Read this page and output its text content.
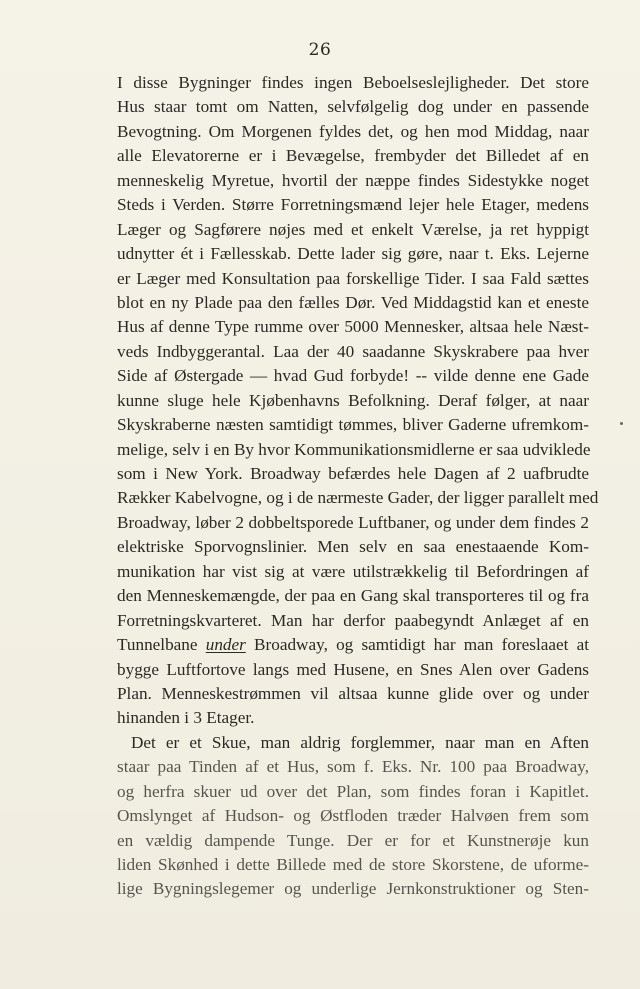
26
I disse Bygninger findes ingen Beboelseslejligheder. Det store
Hus staar tomt om Natten, selvfølgelig dog under en passende
Bevogtning. Om Morgenen fyldes det, og hen mod Middag, naar
alle Elevatorerne er i Bevægelse, frembyder det Billedet af en
menneskelig Myretue, hvortil der næppe findes Sidestykke noget
Steds i Verden. Større Forretningsmænd lejer hele Etager, medens
Læger og Sagførere nøjes med et enkelt Værelse, ja ret hyppigt
udnytter ét i Fællesskab. Dette lader sig gøre, naar t. Eks. Lejerne
er Læger med Konsultation paa forskellige Tider. I saa Fald sættes
blot en ny Plade paa den fælles Dør. Ved Middagstid kan et eneste
Hus af denne Type rumme over 5000 Mennesker, altsaa hele Næst-
veds Indbyggerantal. Laa der 40 saadanne Skyskrabere paa hver
Side af Østergade — hvad Gud forbyde! -- vilde denne ene Gade
kunne sluge hele Kjøbenhavns Befolkning. Deraf følger, at naar
Skyskraberne næsten samtidigt tømmes, bliver Gaderne ufremkom-
melige, selv i en By hvor Kommunikationsmidlerne er saa udviklede
som i New York. Broadway befærdes hele Dagen af 2 uafbrudte
Rækker Kabelvogne, og i de nærmeste Gader, der ligger parallelt med
Broadway, løber 2 dobbeltsporede Luftbaner, og under dem findes 2
elektriske Sporvognslinier. Men selv en saa enestaaende Kom-
munikation har vist sig at være utilstrækkelig til Befordringen af
den Menneskemængde, der paa en Gang skal transporteres til og fra
Forretningskvarteret. Man har derfor paabegyndt Anlæget af en
Tunnelbane under Broadway, og samtidigt har man foreslaaet at
bygge Luftfortove langs med Husene, en Snes Alen over Gadens
Plan. Menneskestrømmen vil altsaa kunne glide over og under
hinanden i 3 Etager.
Det er et Skue, man aldrig forglemmer, naar man en Aften
staar paa Tinden af et Hus, som f. Eks. Nr. 100 paa Broadway,
og herfra skuer ud over det Plan, som findes foran i Kapitlet.
Omslynget af Hudson- og Østfloden træder Halvøen frem som
en vældig dampende Tunge. Der er for et Kunstnerøje kun
liden Skønhed i dette Billede med de store Skorstene, de uforme-
lige Bygningslegemer og underlige Jernkonstruktioner og Sten-
